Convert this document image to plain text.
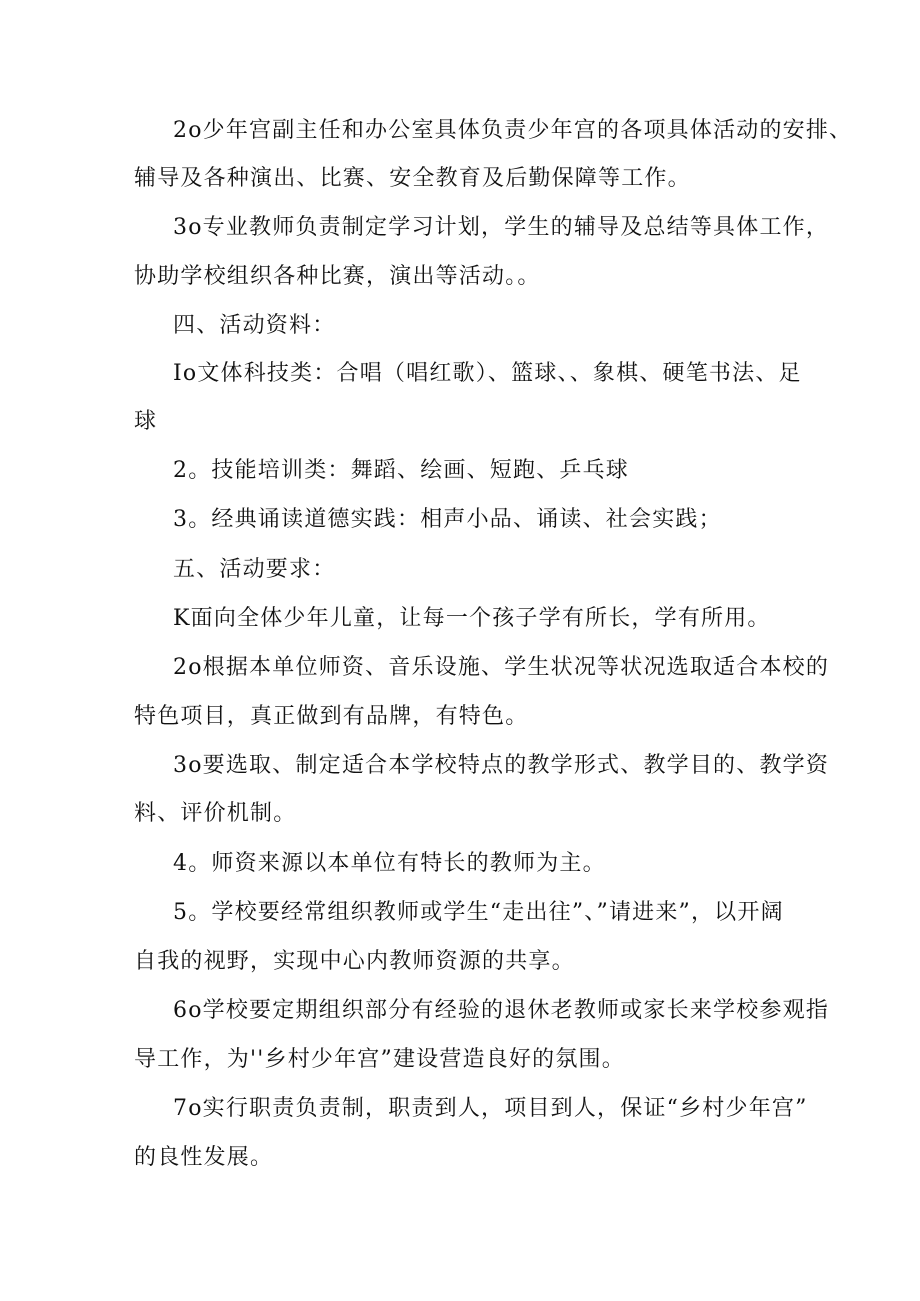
2o少年宫副主任和办公室具体负责少年宫的各项具体活动的安排、
辅导及各种演出、比赛、安全教育及后勤保障等工作。
3o专业教师负责制定学习计划，学生的辅导及总结等具体工作，
协助学校组织各种比赛，演出等活动。。
四、活动资料：
Io文体科技类：合唱（唱红歌）、篮球、、象棋、硬笔书法、足
球
2。技能培训类：舞蹈、绘画、短跑、乒乓球
3。经典诵读道德实践：相声小品、诵读、社会实践；
五、活动要求：
K面向全体少年儿童，让每一个孩子学有所长，学有所用。
2o根据本单位师资、音乐设施、学生状况等状况选取适合本校的
特色项目，真正做到有品牌，有特色。
3o要选取、制定适合本学校特点的教学形式、教学目的、教学资
料、评价机制。
4。师资来源以本单位有特长的教师为主。
5。学校要经常组织教师或学生“走出往”、”请进来”，以开阔
自我的视野，实现中心内教师资源的共享。
6o学校要定期组织部分有经验的退休老教师或家长来学校参观指
导工作，为''乡村少年宫”建设营造良好的氛围。
7o实行职责负责制，职责到人，项目到人，保证“乡村少年宫”
的良性发展。
